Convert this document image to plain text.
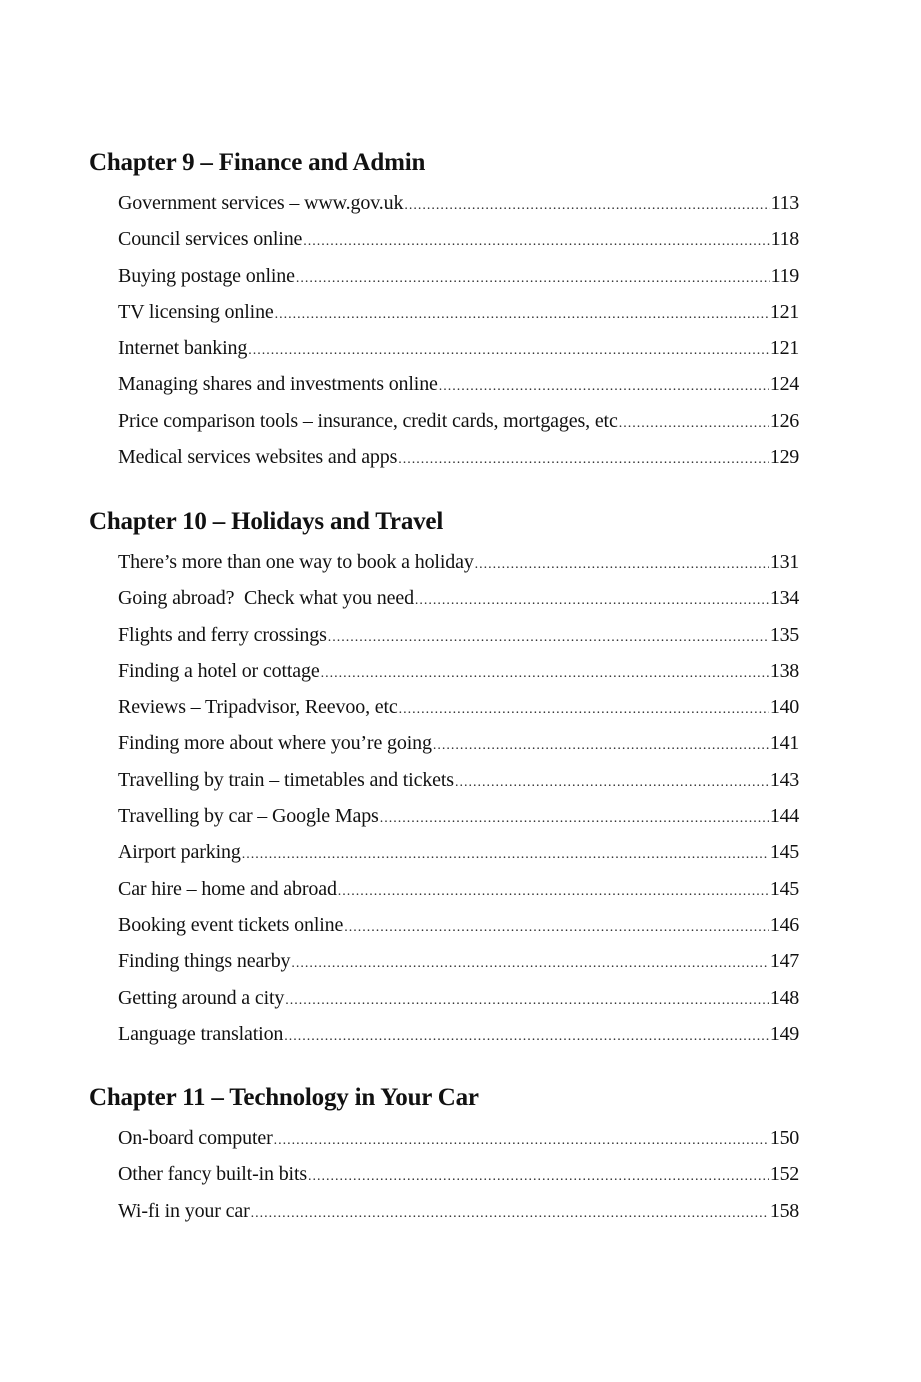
Chapter 9 – Finance and Admin
Government services – www.gov.uk .....	113
Council services online .....	118
Buying postage online .....	119
TV licensing online .....	121
Internet banking .....	121
Managing shares and investments online .....	124
Price comparison tools – insurance, credit cards, mortgages, etc .....	126
Medical services websites and apps .....	129
Chapter 10 – Holidays and Travel
There’s more than one way to book a holiday .....	131
Going abroad?  Check what you need .....	134
Flights and ferry crossings .....	135
Finding a hotel or cottage .....	138
Reviews – Tripadvisor, Reevoo, etc .....	140
Finding more about where you’re going .....	141
Travelling by train – timetables and tickets .....	143
Travelling by car – Google Maps .....	144
Airport parking .....	145
Car hire – home and abroad .....	145
Booking event tickets online .....	146
Finding things nearby .....	147
Getting around a city .....	148
Language translation .....	149
Chapter 11 – Technology in Your Car
On-board computer .....	150
Other fancy built-in bits .....	152
Wi-fi in your car .....	158
